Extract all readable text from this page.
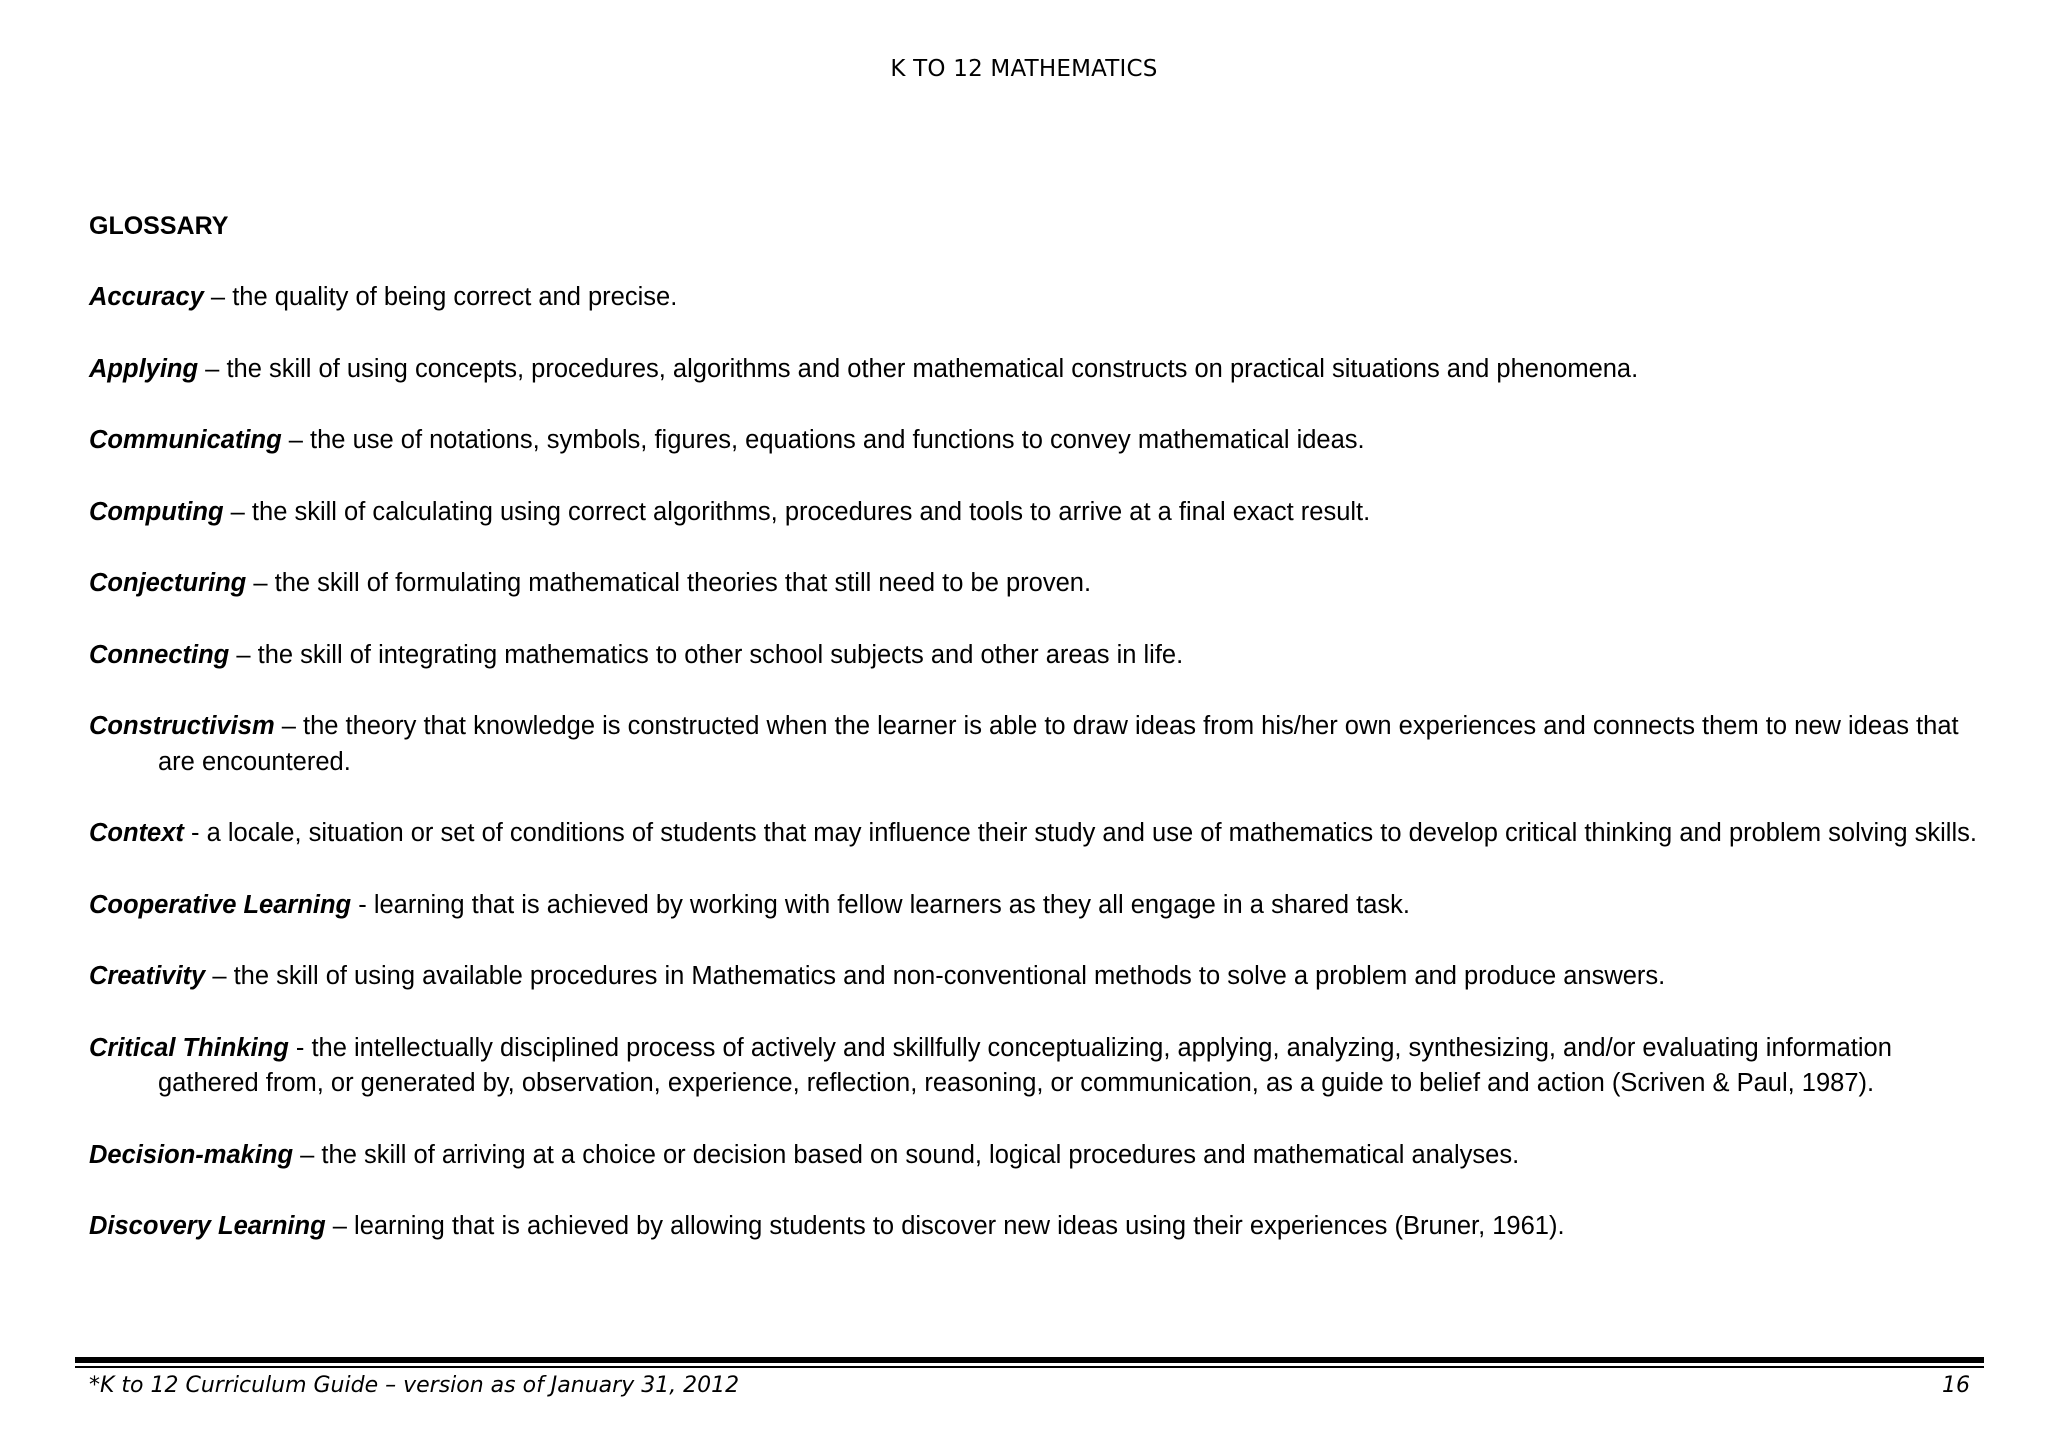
K TO 12 MATHEMATICS
GLOSSARY
Accuracy – the quality of being correct and precise.
Applying – the skill of using concepts, procedures, algorithms and other mathematical constructs on practical situations and phenomena.
Communicating – the use of notations, symbols, figures, equations and functions to convey mathematical ideas.
Computing – the skill of calculating using correct algorithms, procedures and tools to arrive at a final exact result.
Conjecturing – the skill of formulating mathematical theories that still need to be proven.
Connecting – the skill of integrating mathematics to other school subjects and other areas in life.
Constructivism – the theory that knowledge is constructed when the learner is able to draw ideas from his/her own experiences and connects them to new ideas that are encountered.
Context - a locale, situation or set of conditions of students that may influence their study and use of mathematics to develop critical thinking and problem solving skills.
Cooperative Learning - learning that is achieved by working with fellow learners as they all engage in a shared task.
Creativity – the skill of using available procedures in Mathematics and non-conventional methods to solve a problem and produce answers.
Critical Thinking - the intellectually disciplined process of actively and skillfully conceptualizing, applying, analyzing, synthesizing, and/or evaluating information gathered from, or generated by, observation, experience, reflection, reasoning, or communication, as a guide to belief and action (Scriven & Paul, 1987).
Decision-making – the skill of arriving at a choice or decision based on sound, logical procedures and mathematical analyses.
Discovery Learning – learning that is achieved by allowing students to discover new ideas using their experiences (Bruner, 1961).
*K to 12 Curriculum Guide – version as of January 31, 2012	16
